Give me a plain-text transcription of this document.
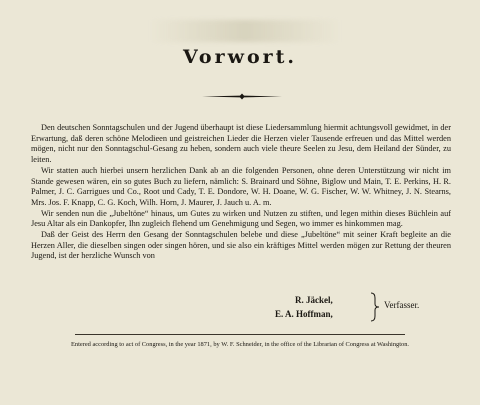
Vorwort.

Den deutschen Sonntagschulen und der Jugend überhaupt ist diese Liedersammlung hiermit achtungsvoll gewidmet, in der Erwartung, daß deren schöne Melodieen und geistreichen Lieder die Herzen vieler Tausende erfreuen und das Mittel werden mögen, nicht nur den Sonntagschul-Gesang zu heben, sondern auch viele theure Seelen zu Jesu, dem Heiland der Sünder, zu leiten.

Wir statten auch hierbei unsern herzlichen Dank ab an die folgenden Personen, ohne deren Unterstützung wir nicht im Stande gewesen wären, ein so gutes Buch zu liefern, nämlich: S. Brainard und Söhne, Biglow und Main, T. E. Perkins, H. R. Palmer, J. C. Garrigues und Co., Root und Cady, T. E. Dondore, W. H. Doane, W. G. Fischer, W. W. Whitney, J. N. Stearns, Mrs. Jos. F. Knapp, C. G. Koch, Wilh. Horn, J. Maurer, J. Jauch u. A. m.

Wir senden nun die „Jubeltöne“ hinaus, um Gutes zu wirken und Nutzen zu stiften, und legen mithin dieses Büchlein auf Jesu Altar als ein Dankopfer, Ihn zugleich flehend um Genehmigung und Segen, wo immer es hinkommen mag.

Daß der Geist des Herrn den Gesang der Sonntagschulen belebe und diese „Jubeltöne“ mit seiner Kraft begleite an die Herzen Aller, die dieselben singen oder singen hören, und sie also ein kräftiges Mittel werden mögen zur Rettung der theuren Jugend, ist der herzliche Wunsch von

R. Jäckel,
E. A. Hoffman,
Verfasser.
Entered according to act of Congress, in the year 1871, by W. F. Schneider, in the office of the Librarian of Congress at Washington.
